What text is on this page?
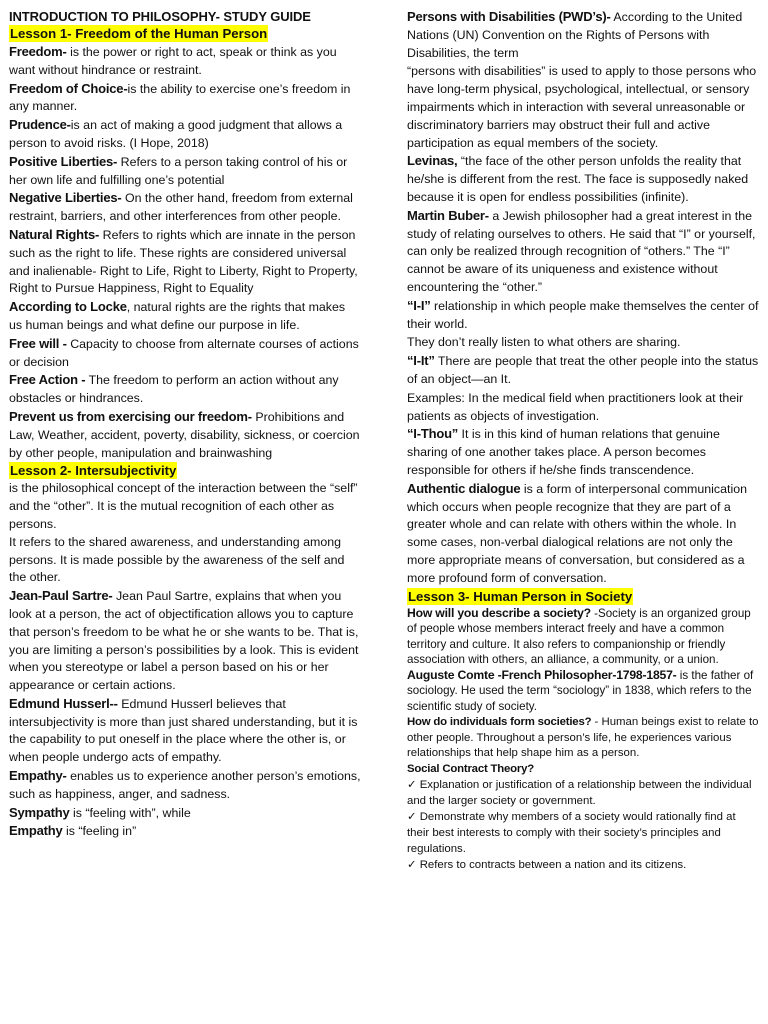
INTRODUCTION TO PHILOSOPHY- STUDY GUIDE
Lesson 1- Freedom of the Human Person

Freedom- is the power or right to act, speak or think as you want without hindrance or restraint.

Freedom of Choice-is the ability to exercise one’s freedom in any manner.

Prudence-is an act of making a good judgment that allows a person to avoid risks. (I Hope, 2018)

Positive Liberties- Refers to a person taking control of his or her own life and fulfilling one’s potential

Negative Liberties- On the other hand, freedom from external restraint, barriers, and other interferences from other people.

Natural Rights- Refers to rights which are innate in the person such as the right to life. These rights are considered universal and inalienable- Right to Life, Right to Liberty, Right to Property, Right to Pursue Happiness, Right to Equality

According to Locke, natural rights are the rights that makes us human beings and what define our purpose in life.

Free will - Capacity to choose from alternate courses of actions or decision

Free Action - The freedom to perform an action without any obstacles or hindrances.

Prevent us from exercising our freedom- Prohibitions and Law, Weather, accident, poverty, disability, sickness, or coercion by other people, manipulation and brainwashing

Lesson 2- Intersubjectivity

is the philosophical concept of the interaction between the “self” and the “other”. It is the mutual recognition of each other as persons.

It refers to the shared awareness, and understanding among persons. It is made possible by the awareness of the self and the other.

Jean-Paul Sartre- Jean Paul Sartre, explains that when you look at a person, the act of objectification allows you to capture that person’s freedom to be what he or she wants to be. That is, you are limiting a person’s possibilities by a look. This is evident when you stereotype or label a person based on his or her appearance or certain actions.

Edmund Husserl-- Edmund Husserl believes that intersubjectivity is more than just shared understanding, but it is the capability to put oneself in the place where the other is, or when people undergo acts of empathy.

Empathy- enables us to experience another person’s emotions, such as happiness, anger, and sadness.

Sympathy is “feeling with”, while

Empathy is “feeling in”

Persons with Disabilities (PWD’s)- According to the United Nations (UN) Convention on the Rights of Persons with Disabilities, the term

“persons with disabilities” is used to apply to those persons who have long-term physical, psychological, intellectual, or sensory impairments which in interaction with several unreasonable or discriminatory barriers may obstruct their full and active participation as equal members of the society.

Levinas, “the face of the other person unfolds the reality that he/she is different from the rest. The face is supposedly naked because it is open for endless possibilities (infinite).

Martin Buber- a Jewish philosopher had a great interest in the study of relating ourselves to others. He said that “I” or yourself, can only be realized through recognition of “others.” The “I” cannot be aware of its uniqueness and existence without encountering the “other.”

“I-I” relationship in which people make themselves the center of their world.

They don’t really listen to what others are sharing.

“I-It” There are people that treat the other people into the status of an object—an It.

Examples: In the medical field when practitioners look at their patients as objects of investigation.

“I-Thou” It is in this kind of human relations that genuine sharing of one another takes place. A person becomes responsible for others if he/she finds transcendence.

Authentic dialogue is a form of interpersonal communication which occurs when people recognize that they are part of a greater whole and can relate with others within the whole. In some cases, non-verbal dialogical relations are not only the more appropriate means of conversation, but considered as a more profound form of conversation.

Lesson 3- Human Person in Society

How will you describe a society? -Society is an organized group of people whose members interact freely and have a common territory and culture. It also refers to companionship or friendly association with others, an alliance, a community, or a union.

Auguste Comte -French Philosopher-1798-1857- is the father of sociology. He used the term “sociology” in 1838, which refers to the scientific study of society.

How do individuals form societies? - Human beings exist to relate to other people. Throughout a person’s life, he experiences various relationships that help shape him as a person.

Social Contract Theory?

✓ Explanation or justification of a relationship between the individual and the larger society or government.

✓ Demonstrate why members of a society would rationally find at their best interests to comply with their society’s principles and regulations.

✓ Refers to contracts between a nation and its citizens.
